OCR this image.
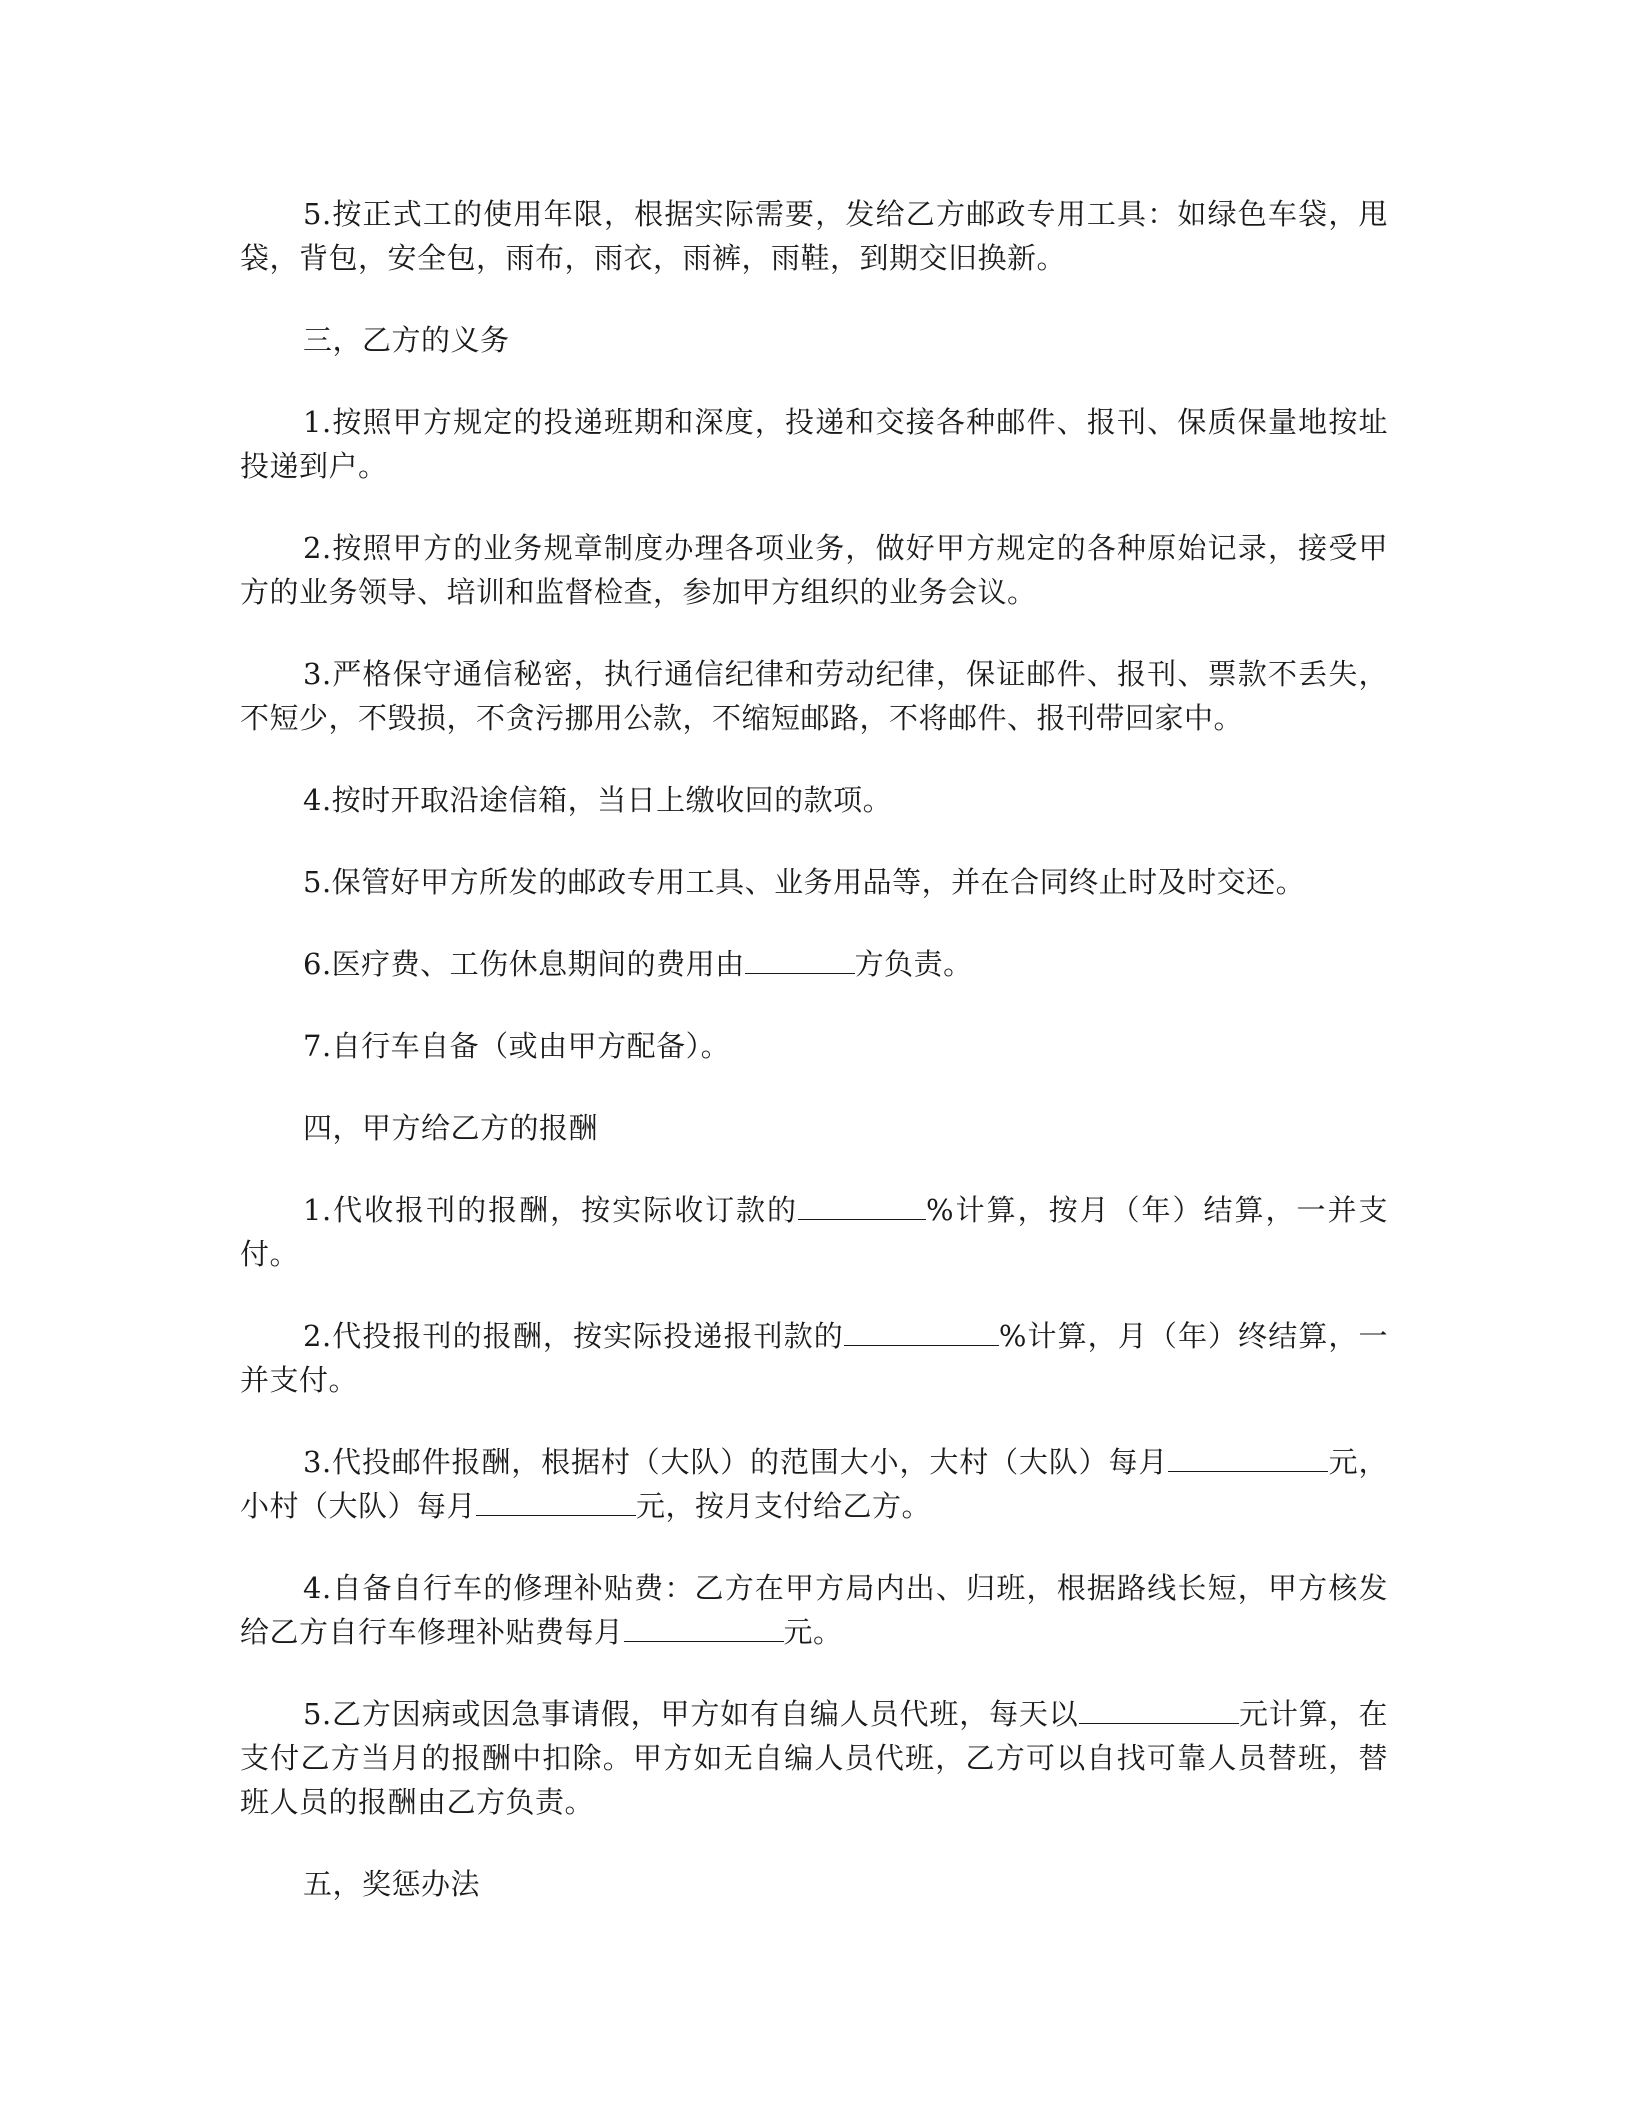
5.按正式工的使用年限，根据实际需要，发给乙方邮政专用工具：如绿色车袋，甩袋，背包，安全包，雨布，雨衣，雨裤，雨鞋，到期交旧换新。

三，乙方的义务

1.按照甲方规定的投递班期和深度，投递和交接各种邮件、报刊、保质保量地按址投递到户。

2.按照甲方的业务规章制度办理各项业务，做好甲方规定的各种原始记录，接受甲方的业务领导、培训和监督检查，参加甲方组织的业务会议。

3.严格保守通信秘密，执行通信纪律和劳动纪律，保证邮件、报刊、票款不丢失，不短少，不毁损，不贪污挪用公款，不缩短邮路，不将邮件、报刊带回家中。

4.按时开取沿途信箱，当日上缴收回的款项。

5.保管好甲方所发的邮政专用工具、业务用品等，并在合同终止时及时交还。

6.医疗费、工伤休息期间的费用由	方负责。

7.自行车自备（或由甲方配备）。

四，甲方给乙方的报酬

1.代收报刊的报酬，按实际收订款的	%计算，按月（年）结算，一并支付。

2.代投报刊的报酬，按实际投递报刊款的	%计算，月（年）终结算，一并支付。

3.代投邮件报酬，根据村（大队）的范围大小，大村（大队）每月	元，小村（大队）每月	元，按月支付给乙方。

4.自备自行车的修理补贴费：乙方在甲方局内出、归班，根据路线长短，甲方核发给乙方自行车修理补贴费每月	元。

5.乙方因病或因急事请假，甲方如有自编人员代班，每天以	元计算，在支付乙方当月的报酬中扣除。甲方如无自编人员代班，乙方可以自找可靠人员替班，替班人员的报酬由乙方负责。

五，奖惩办法
